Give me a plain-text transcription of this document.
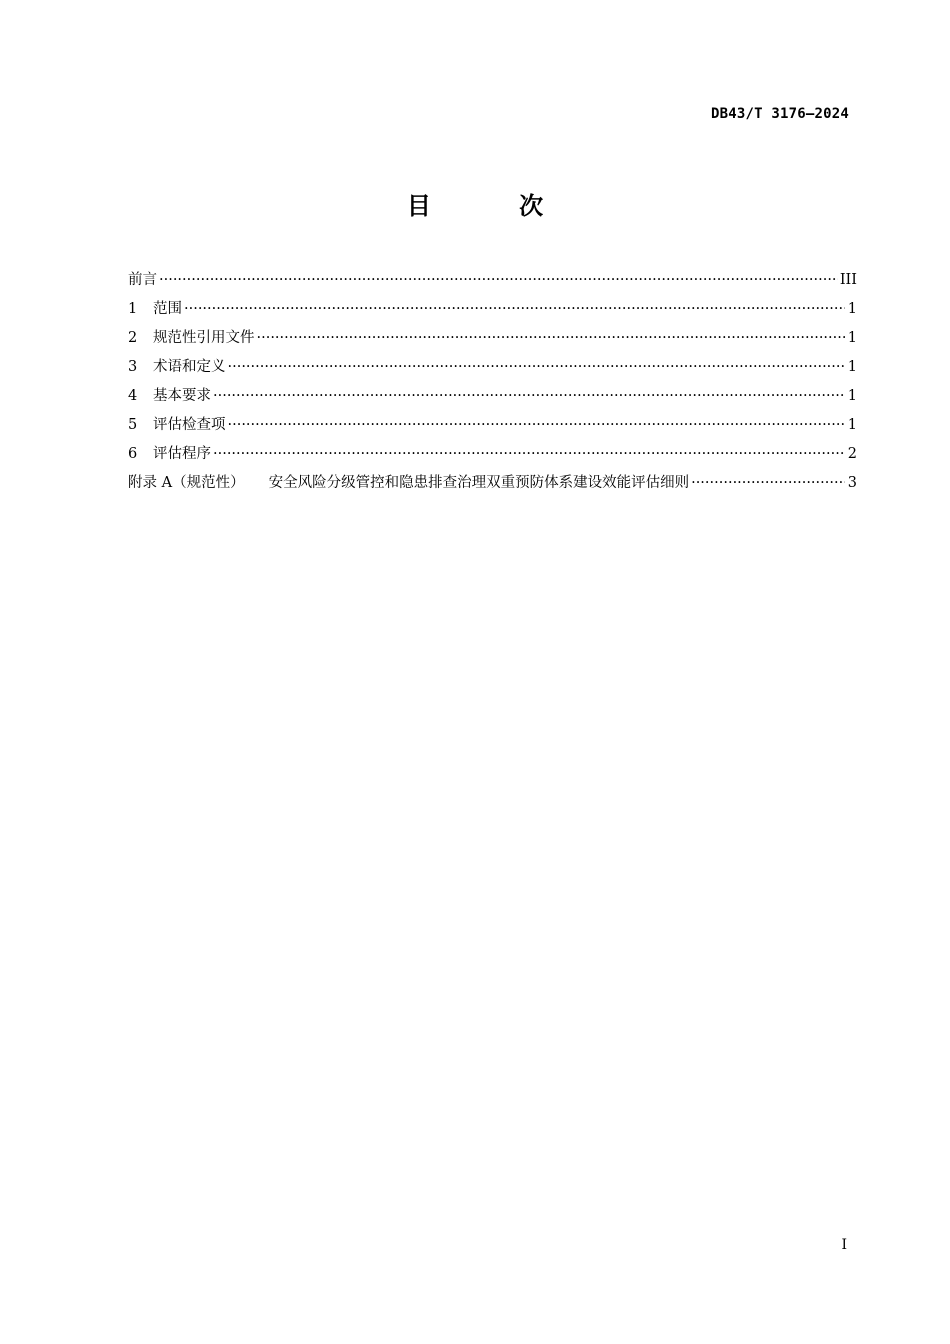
DB43/T 3176—2024
目 次
前言 ·····	III
1	范围 ·····	1
2	规范性引用文件 ·····	1
3	术语和定义 ·····	1
4	基本要求 ·····	1
5	评估检查项 ·····	1
6	评估程序 ·····	2
附录 A（规范性） 安全风险分级管控和隐患排查治理双重预防体系建设效能评估细则 ·····	3
I
